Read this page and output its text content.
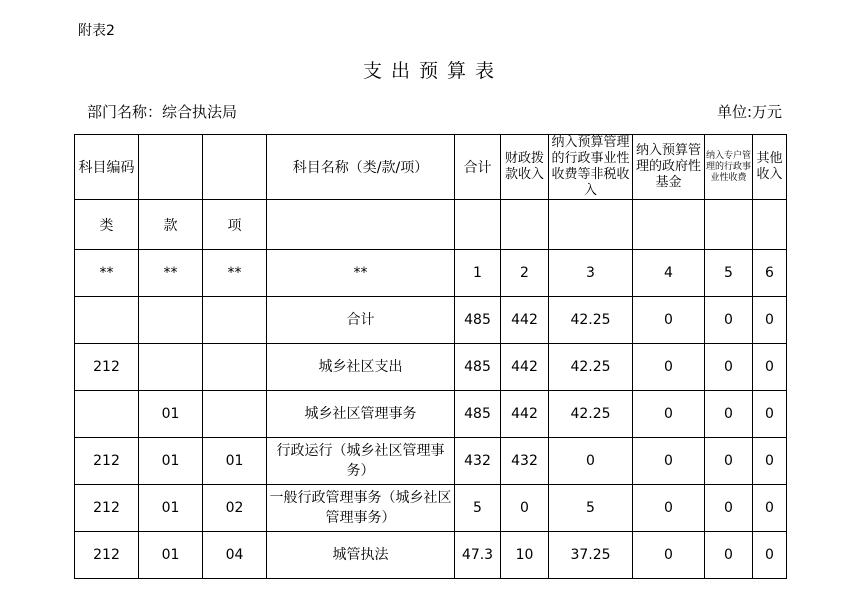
附表2
支出预算表
部门名称：综合执法局	单位:万元
科目编码			科目名称（类/款/项）	合计	财政拨款收入	纳入预算管理的行政事业性收费等非税收入	纳入预算管理的政府性基金	纳入专户管理的行政事业性收费	其他收入
类	款	项							
**	**	**	**	1	2	3	4	5	6
			合计	485	442	42.25	0	0	0
212			城乡社区支出	485	442	42.25	0	0	0
	01		城乡社区管理事务	485	442	42.25	0	0	0
212	01	01	行政运行（城乡社区管理事务）	432	432	0	0	0	0
212	01	02	一般行政管理事务（城乡社区管理事务）	5	0	5	0	0	0
212	01	04	城管执法	47.3	10	37.25	0	0	0
